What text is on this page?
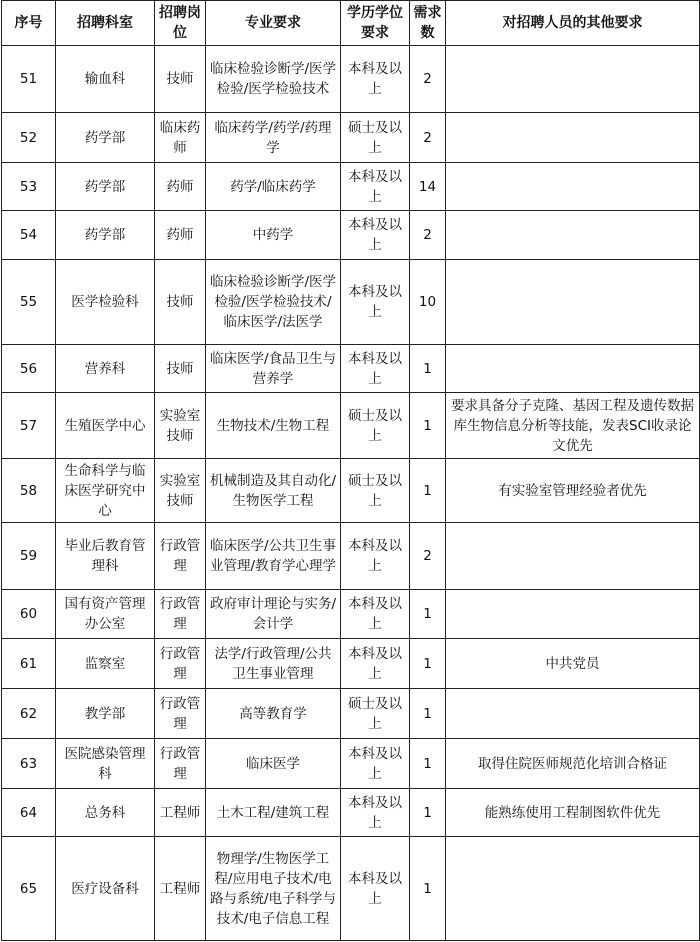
序号	招聘科室	招聘岗位	专业要求	学历学位要求	需求数	对招聘人员的其他要求
51	输血科	技师	临床检验诊断学/医学检验/医学检验技术	本科及以上	2	
52	药学部	临床药师	临床药学/药学/药理学	硕士及以上	2	
53	药学部	药师	药学/临床药学	本科及以上	14	
54	药学部	药师	中药学	本科及以上	2	
55	医学检验科	技师	临床检验诊断学/医学检验/医学检验技术/临床医学/法医学	本科及以上	10	
56	营养科	技师	临床医学/食品卫生与营养学	本科及以上	1	
57	生殖医学中心	实验室技师	生物技术/生物工程	硕士及以上	1	要求具备分子克隆、基因工程及遗传数据库生物信息分析等技能，发表SCI收录论文优先
58	生命科学与临床医学研究中心	实验室技师	机械制造及其自动化/生物医学工程	硕士及以上	1	有实验室管理经验者优先
59	毕业后教育管理科	行政管理	临床医学/公共卫生事业管理/教育学心理学	本科及以上	2	
60	国有资产管理办公室	行政管理	政府审计理论与实务/会计学	本科及以上	1	
61	监察室	行政管理	法学/行政管理/公共卫生事业管理	本科及以上	1	中共党员
62	教学部	行政管理	高等教育学	硕士及以上	1	
63	医院感染管理科	行政管理	临床医学	本科及以上	1	取得住院医师规范化培训合格证
64	总务科	工程师	土木工程/建筑工程	本科及以上	1	能熟练使用工程制图软件优先
65	医疗设备科	工程师	物理学/生物医学工程/应用电子技术/电路与系统/电子科学与技术/电子信息工程	本科及以上	1	
